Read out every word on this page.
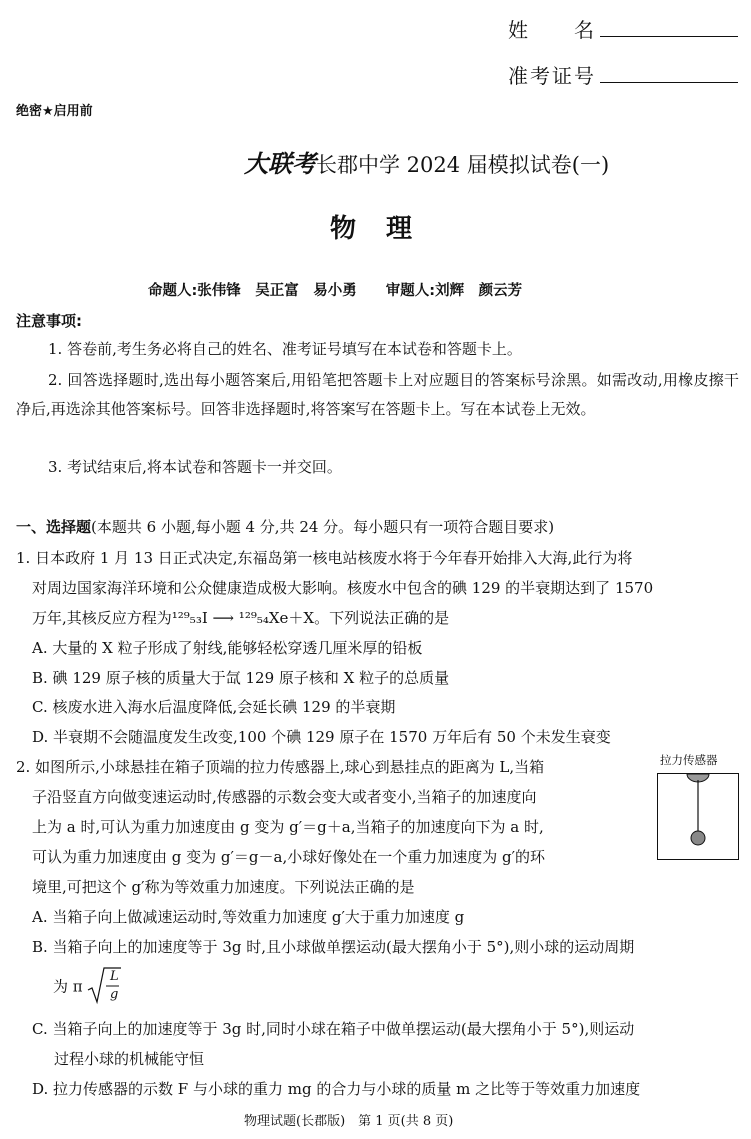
姓　　名
准考证号
绝密★启用前
大联考长郡中学 2024 届模拟试卷(一)
物理
命题人:张伟锋　吴正富　易小勇　　审题人:刘辉　颜云芳
注意事项:
1. 答卷前,考生务必将自己的姓名、准考证号填写在本试卷和答题卡上。
2. 回答选择题时,选出每小题答案后,用铅笔把答题卡上对应题目的答案标号涂黑。如需改动,用橡皮擦干净后,再选涂其他答案标号。回答非选择题时,将答案写在答题卡上。写在本试卷上无效。
3. 考试结束后,将本试卷和答题卡一并交回。
一、选择题(本题共 6 小题,每小题 4 分,共 24 分。每小题只有一项符合题目要求)
1. 日本政府 1 月 13 日正式决定,东福岛第一核电站核废水将于今年春开始排入大海,此行为将
对周边国家海洋环境和公众健康造成极大影响。核废水中包含的碘 129 的半衰期达到了 1570
万年,其核反应方程为¹²⁹₅₃I ⟶ ¹²⁹₅₄Xe＋X。下列说法正确的是
A. 大量的 X 粒子形成了射线,能够轻松穿透几厘米厚的铅板
B. 碘 129 原子核的质量大于氙 129 原子核和 X 粒子的总质量
C. 核废水进入海水后温度降低,会延长碘 129 的半衰期
D. 半衰期不会随温度发生改变,100 个碘 129 原子在 1570 万年后有 50 个未发生衰变
拉力传感器
2. 如图所示,小球悬挂在箱子顶端的拉力传感器上,球心到悬挂点的距离为 L,当箱
子沿竖直方向做变速运动时,传感器的示数会变大或者变小,当箱子的加速度向
上为 a 时,可认为重力加速度由 g 变为 g′＝g＋a,当箱子的加速度向下为 a 时,
可认为重力加速度由 g 变为 g′＝g－a,小球好像处在一个重力加速度为 g′的环
境里,可把这个 g′称为等效重力加速度。下列说法正确的是
A. 当箱子向上做减速运动时,等效重力加速度 g′大于重力加速度 g
B. 当箱子向上的加速度等于 3g 时,且小球做单摆运动(最大摆角小于 5°),则小球的运动周期
为 π
L
g
C. 当箱子向上的加速度等于 3g 时,同时小球在箱子中做单摆运动(最大摆角小于 5°),则运动
过程小球的机械能守恒
D. 拉力传感器的示数 F 与小球的重力 mg 的合力与小球的质量 m 之比等于等效重力加速度
物理试题(长郡版)　第 1 页(共 8 页)
